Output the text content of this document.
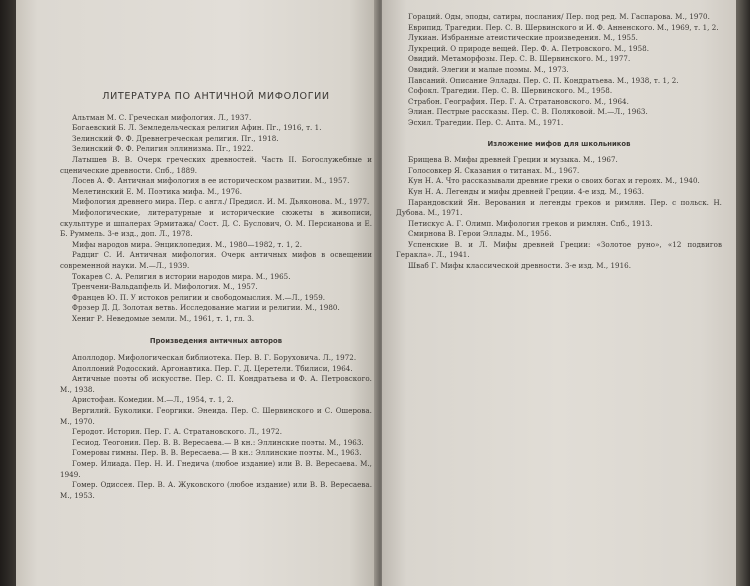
ЛИТЕРАТУРА ПО АНТИЧНОЙ МИФОЛОГИИ

Альтман М. С. Греческая мифология. Л., 1937.

Богаевский Б. Л. Земледельческая религия Афин. Пг., 1916, т. 1.

Зелинский Ф. Ф. Древнегреческая религия. Пг., 1918.

Зелинский Ф. Ф. Религия эллинизма. Пг., 1922.

Латышев В. В. Очерк греческих древностей. Часть II. Богослужебные и сценические древности. Спб., 1889.

Лосев А. Ф. Античная мифология в ее историческом развитии. М., 1957.

Мелетинский Е. М. Поэтика мифа. М., 1976.

Мифология древнего мира. Пер. с англ./ Предисл. И. М. Дьяконова. М., 1977.

Мифологические, литературные и исторические сюжеты в живописи, скульптуре и шпалерах Эрмитажа/ Сост. Д. С. Буслович, О. М. Персианова и Е. Б. Руммель. 3-е изд., доп. Л., 1978.

Мифы народов мира. Энциклопедия. М., 1980—1982, т. 1, 2.

Радциг С. И. Античная мифология. Очерк античных мифов в освещении современной науки. М.—Л., 1939.

Токарев С. А. Религия в истории народов мира. М., 1965.

Тренчени-Вальдапфель И. Мифология. М., 1957.

Францев Ю. П. У истоков религии и свободомыслия. М.—Л., 1959.

Фрэзер Д. Д. Золотая ветвь. Исследование магии и религии. М., 1980.

Хениг Р. Неведомые земли. М., 1961, т. 1, гл. 3.

Произведения античных авторов

Аполлодор. Мифологическая библиотека. Пер. В. Г. Боруховича. Л., 1972.

Аполлоний Родосский. Аргонавтика. Пер. Г. Д. Церетели. Тбилиси, 1964.

Античные поэты об искусстве. Пер. С. П. Кондратьева и Ф. А. Петровского. М., 1938.

Аристофан. Комедии. М.—Л., 1954, т. 1, 2.

Вергилий. Буколики. Георгики. Энеида. Пер. С. Шервинского и С. Ошерова. М., 1970.

Геродот. История. Пер. Г. А. Стратановского. Л., 1972.

Гесиод. Теогония. Пер. В. В. Вересаева.— В кн.: Эллинские поэты. М., 1963.

Гомеровы гимны. Пер. В. В. Вересаева.— В кн.: Эллинские поэты. М., 1963.

Гомер. Илиада. Пер. Н. И. Гнедича (любое издание) или В. В. Вересаева. М., 1949.

Гомер. Одиссея. Пер. В. А. Жуковского (любое издание) или В. В. Вересаева. М., 1953.

Гораций. Оды, эподы, сатиры, послания/ Пер. под ред. М. Гаспарова. М., 1970.

Еврипид. Трагедии. Пер. С. В. Шервинского и И. Ф. Анненского. М., 1969, т. 1, 2.

Лукиан. Избранные атеистические произведения. М., 1955.

Лукреций. О природе вещей. Пер. Ф. А. Петровского. М., 1958.

Овидий. Метаморфозы. Пер. С. В. Шервинского. М., 1977.

Овидий. Элегии и малые поэмы. М., 1973.

Павсаний. Описание Эллады. Пер. С. П. Кондратьева. М., 1938, т. 1, 2.

Софокл. Трагедии. Пер. С. В. Шервинского. М., 1958.

Страбон. География. Пер. Г. А. Стратановского. М., 1964.

Элиан. Пестрые рассказы. Пер. С. В. Поляковой. М.—Л., 1963.

Эсхил. Трагедии. Пер. С. Апта. М., 1971.

Изложение мифов для школьников

Брищева В. Мифы древней Греции и музыка. М., 1967.

Голосовкер Я. Сказания о титанах. М., 1967.

Кун Н. А. Что рассказывали древние греки о своих богах и героях. М., 1940.

Кун Н. А. Легенды и мифы древней Греции. 4-е изд. М., 1963.

Парандовский Ян. Верования и легенды греков и римлян. Пер. с польск. Н. Дубова. М., 1971.

Петискус А. Г. Олимп. Мифология греков и римлян. Спб., 1913.

Смирнова В. Герои Эллады. М., 1956.

Успенские В. и Л. Мифы древней Греции: «Золотое руно», «12 подвигов Геракла». Л., 1941.

Шваб Г. Мифы классической древности. 3-е изд. М., 1916.
